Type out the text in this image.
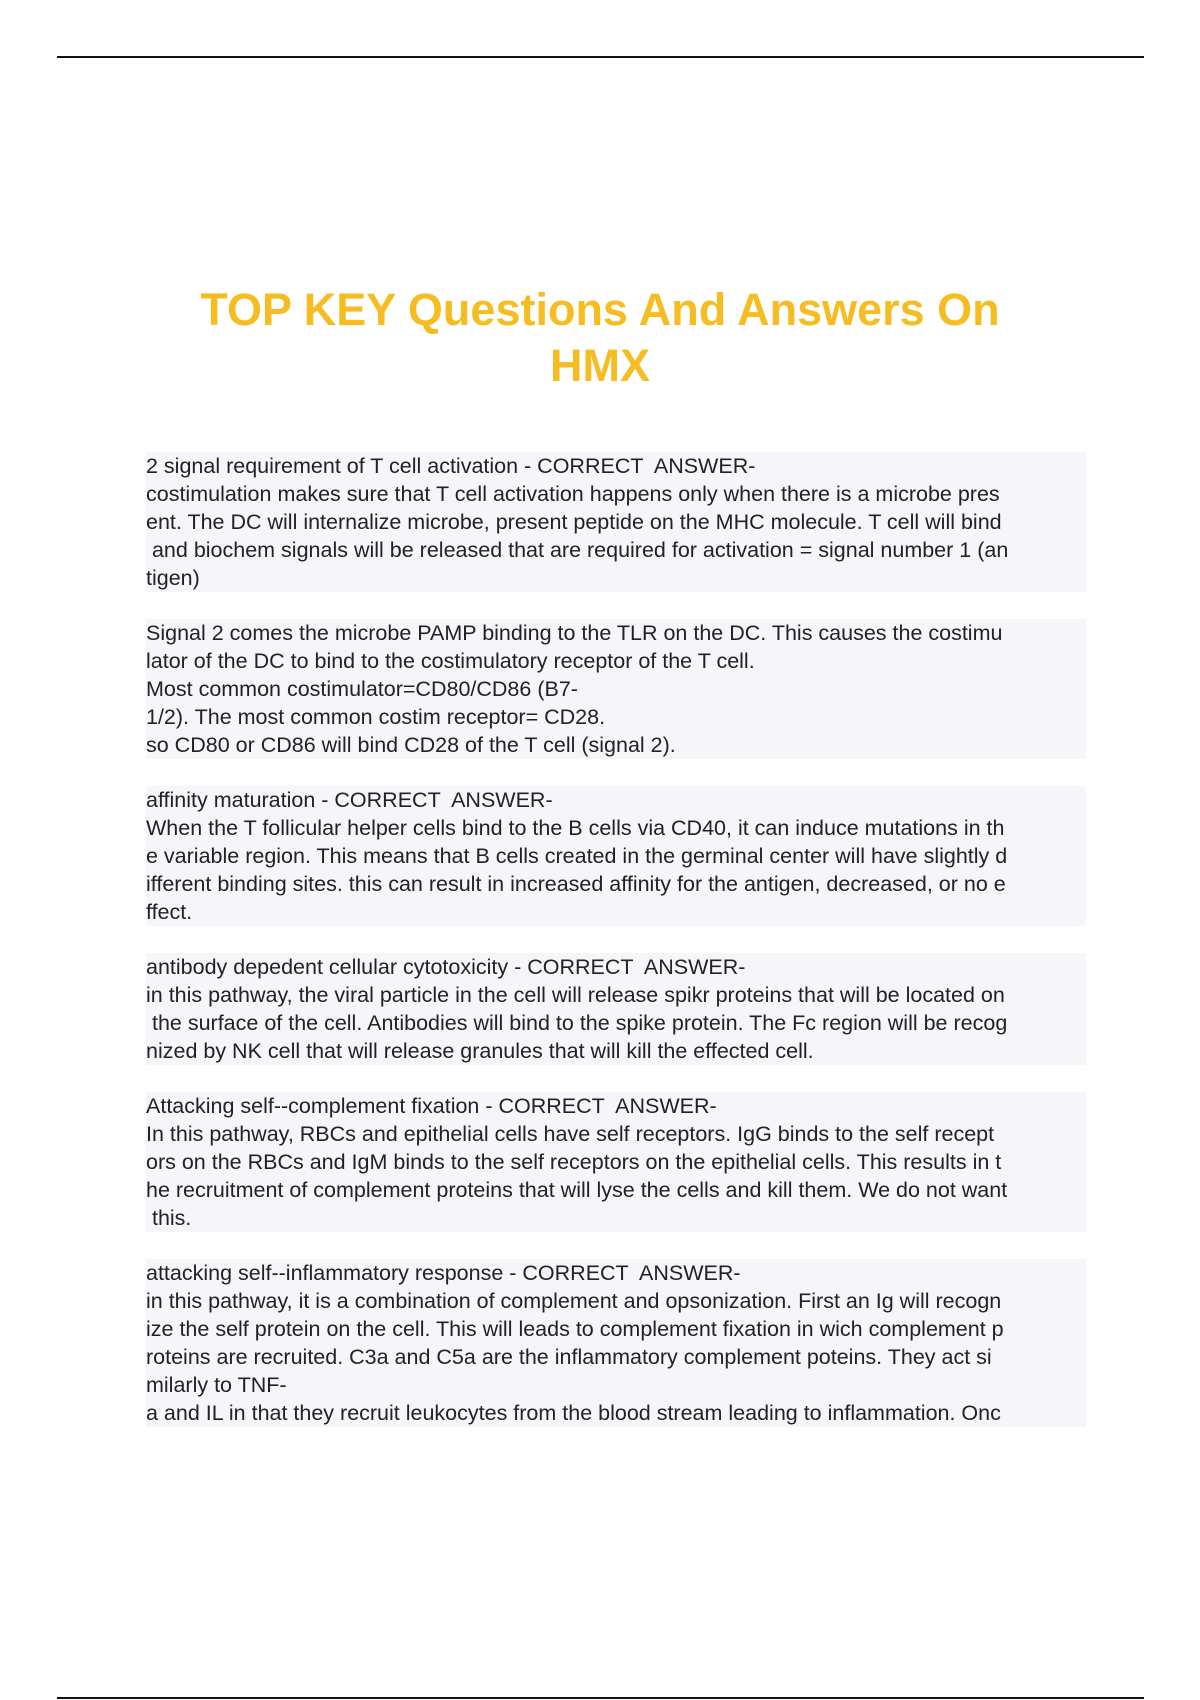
TOP KEY Questions And Answers On
HMX
2 signal requirement of T cell activation - CORRECT  ANSWER-
costimulation makes sure that T cell activation happens only when there is a microbe pres
ent. The DC will internalize microbe, present peptide on the MHC molecule. T cell will bind
and biochem signals will be released that are required for activation = signal number 1 (an
tigen)
Signal 2 comes the microbe PAMP binding to the TLR on the DC. This causes the costimu
lator of the DC to bind to the costimulatory receptor of the T cell.
Most common costimulator=CD80/CD86 (B7-
1/2). The most common costim receptor= CD28.
so CD80 or CD86 will bind CD28 of the T cell (signal 2).
affinity maturation - CORRECT  ANSWER-
When the T follicular helper cells bind to the B cells via CD40, it can induce mutations in th
e variable region. This means that B cells created in the germinal center will have slightly d
ifferent binding sites. this can result in increased affinity for the antigen, decreased, or no e
ffect.
antibody depedent cellular cytotoxicity - CORRECT  ANSWER-
in this pathway, the viral particle in the cell will release spikr proteins that will be located on
the surface of the cell. Antibodies will bind to the spike protein. The Fc region will be recog
nized by NK cell that will release granules that will kill the effected cell.
Attacking self--complement fixation - CORRECT  ANSWER-
In this pathway, RBCs and epithelial cells have self receptors. IgG binds to the self recept
ors on the RBCs and IgM binds to the self receptors on the epithelial cells. This results in t
he recruitment of complement proteins that will lyse the cells and kill them. We do not want
this.
attacking self--inflammatory response - CORRECT  ANSWER-
in this pathway, it is a combination of complement and opsonization. First an Ig will recogn
ize the self protein on the cell. This will leads to complement fixation in wich complement p
roteins are recruited. C3a and C5a are the inflammatory complement poteins. They act si
milarly to TNF-
a and IL in that they recruit leukocytes from the blood stream leading to inflammation. Onc
